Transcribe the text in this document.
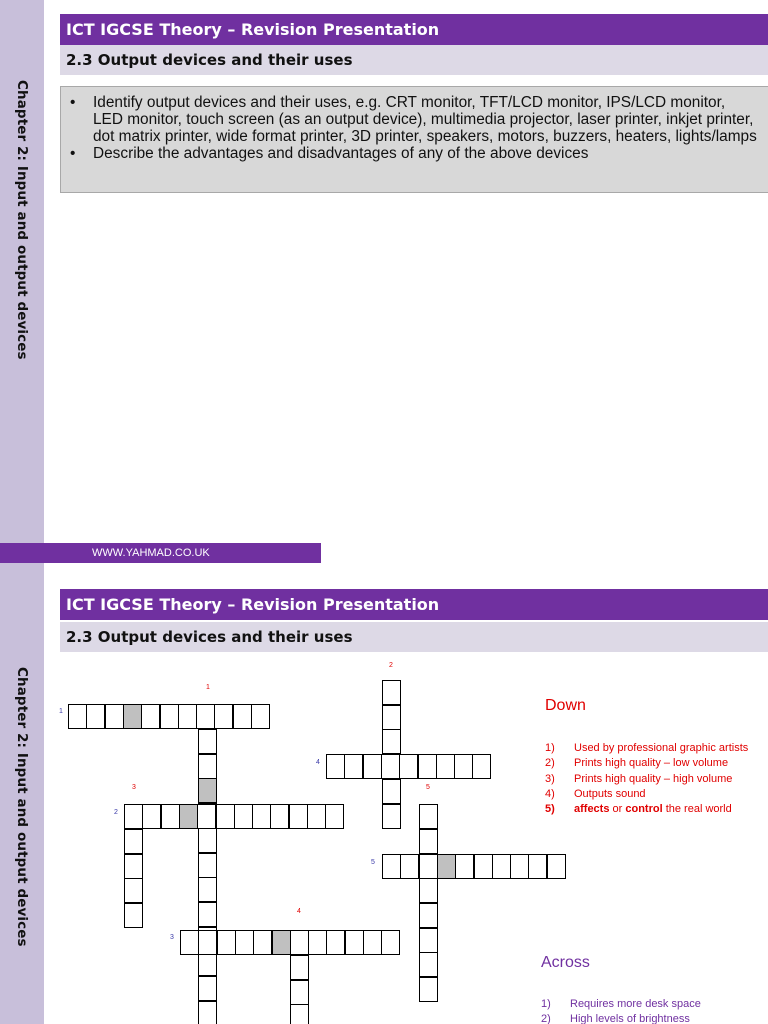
Chapter 2: Input and output devices
ICT IGCSE Theory – Revision Presentation
2.3 Output devices and their uses
• Identify output devices and their uses, e.g. CRT monitor, TFT/LCD monitor, IPS/LCD monitor, LED monitor, touch screen (as an output device), multimedia projector, laser printer, inkjet printer, dot matrix printer, wide format printer, 3D printer, speakers, motors, buzzers, heaters, lights/lamps
• Describe the advantages and disadvantages of any of the above devices
WWW.YAHMAD.CO.UK
Chapter 2: Input and output devices
ICT IGCSE Theory – Revision Presentation
2.3 Output devices and their uses
1
2
3
4
5
1
2
3
4
5
Down
1) Used by professional graphic artists
2) Prints high quality – low volume
3) Prints high quality – high volume
4) Outputs sound
5) affects or control the real world
Across
1) Requires more desk space
2) High levels of brightness
